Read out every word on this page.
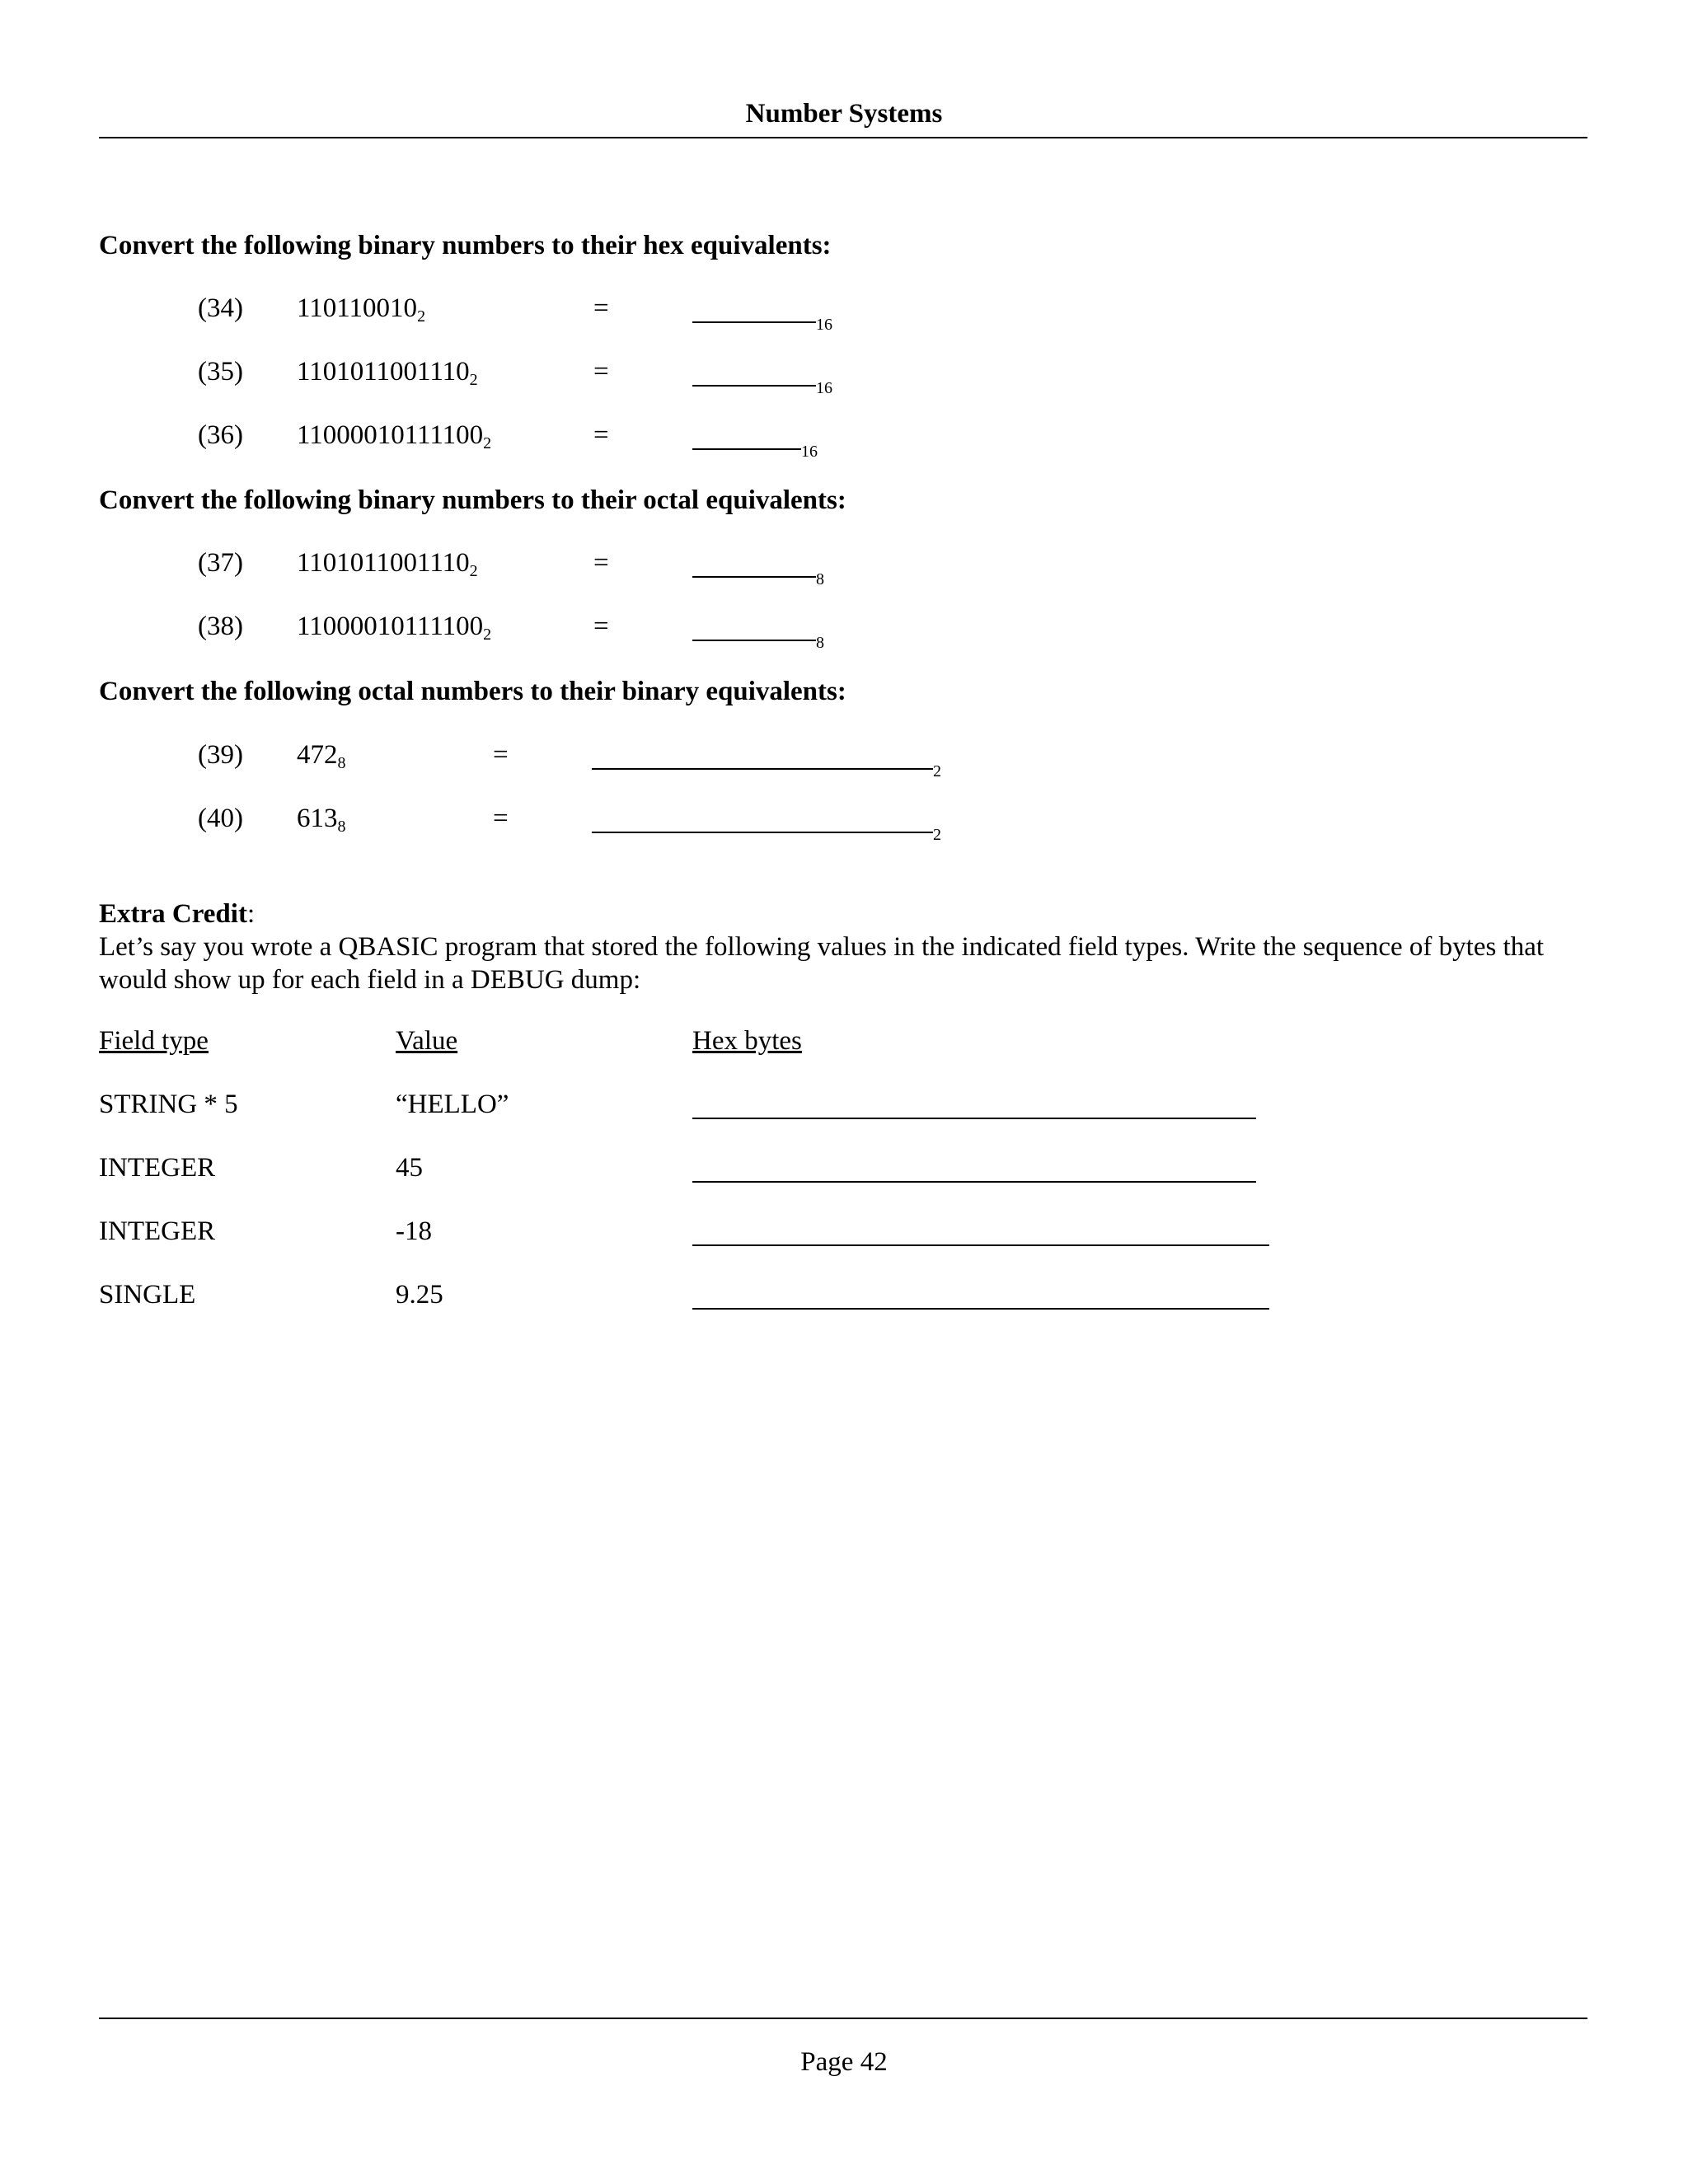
Number Systems
Convert the following binary numbers to their hex equivalents:
(34) $110110010_2$	=
$_{16}$
(35) $1101011001110_2$	=
$_{16}$
(36) $11000010111100_2$	=
$_{16}$
Convert the following binary numbers to their octal equivalents:
(37) $1101011001110_2$	=
$_8$
(38) $11000010111100_2$	=
$_8$
Convert the following octal numbers to their binary equivalents:
(39) $472_8$	=
$_2$
(40) $613_8$	=
$_2$
Extra Credit:
Let’s say you wrote a QBASIC program that stored the following values in the indicated field types. Write the sequence of bytes that would show up for each field in a DEBUG dump:
Field type	Value	Hex bytes
STRING * 5	“HELLO”
INTEGER	45
INTEGER	-18
SINGLE	9.25
Page 42
